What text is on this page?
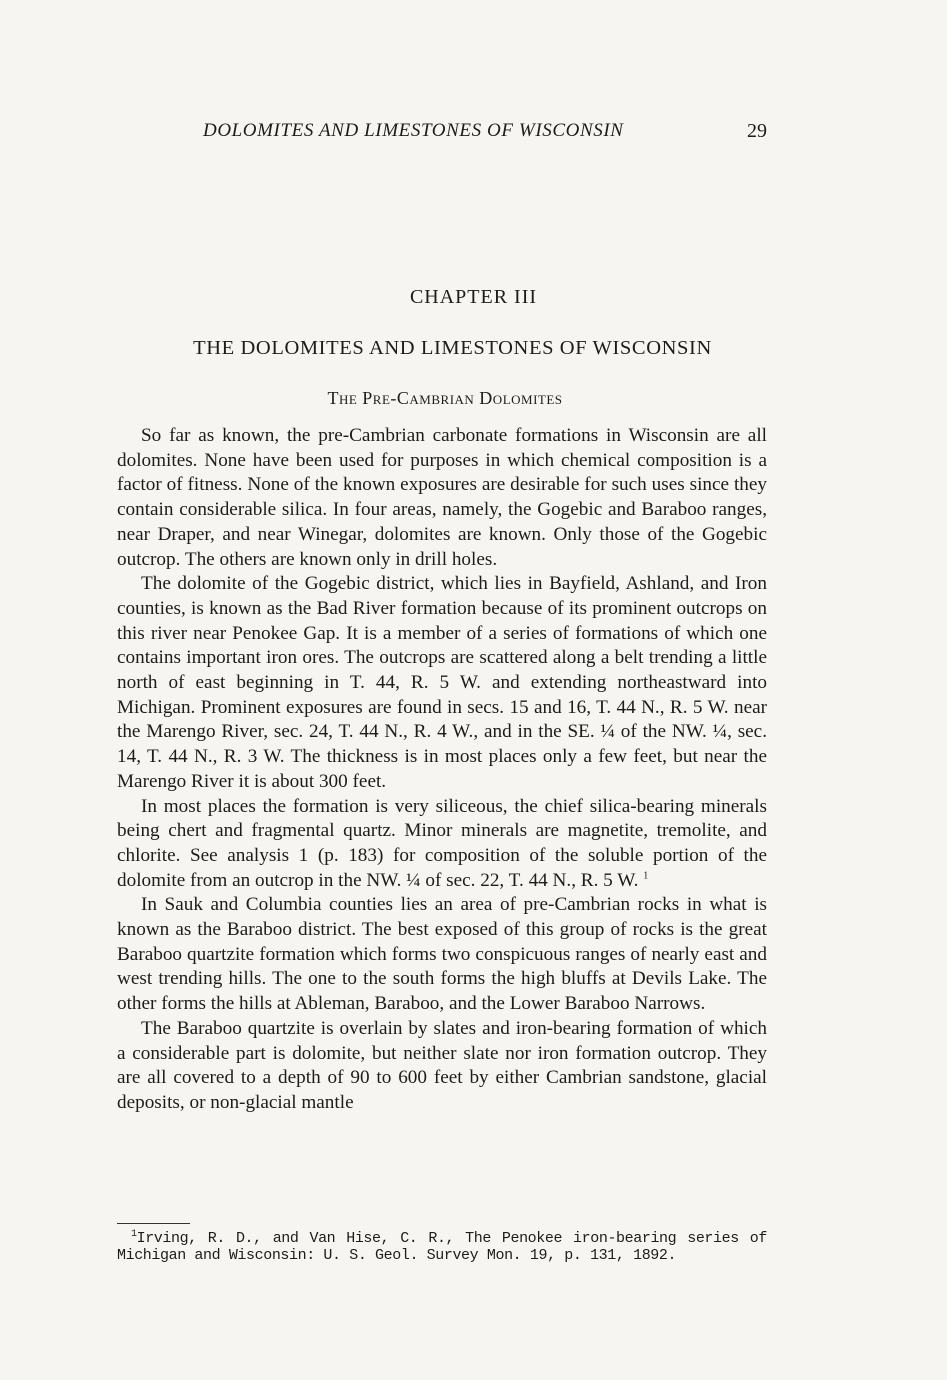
DOLOMITES AND LIMESTONES OF WISCONSIN	29
CHAPTER III
THE DOLOMITES AND LIMESTONES OF WISCONSIN
The Pre-Cambrian Dolomites

So far as known, the pre-Cambrian carbonate formations in Wisconsin are all dolomites. None have been used for purposes in which chemical composition is a factor of fitness. None of the known exposures are desirable for such uses since they contain considerable silica. In four areas, namely, the Gogebic and Baraboo ranges, near Draper, and near Winegar, dolomites are known. Only those of the Gogebic outcrop. The others are known only in drill holes.

The dolomite of the Gogebic district, which lies in Bayfield, Ashland, and Iron counties, is known as the Bad River formation because of its prominent outcrops on this river near Penokee Gap. It is a member of a series of formations of which one contains important iron ores. The outcrops are scattered along a belt trending a little north of east beginning in T. 44, R. 5 W. and extending northeastward into Michigan. Prominent exposures are found in secs. 15 and 16, T. 44 N., R. 5 W. near the Marengo River, sec. 24, T. 44 N., R. 4 W., and in the SE. ¼ of the NW. ¼, sec. 14, T. 44 N., R. 3 W. The thickness is in most places only a few feet, but near the Marengo River it is about 300 feet.

In most places the formation is very siliceous, the chief silica-bearing minerals being chert and fragmental quartz. Minor minerals are magnetite, tremolite, and chlorite. See analysis 1 (p. 183) for composition of the soluble portion of the dolomite from an outcrop in the NW. ¼ of sec. 22, T. 44 N., R. 5 W. $^1$

In Sauk and Columbia counties lies an area of pre-Cambrian rocks in what is known as the Baraboo district. The best exposed of this group of rocks is the great Baraboo quartzite formation which forms two conspicuous ranges of nearly east and west trending hills. The one to the south forms the high bluffs at Devils Lake. The other forms the hills at Ableman, Baraboo, and the Lower Baraboo Narrows.

The Baraboo quartzite is overlain by slates and iron-bearing formation of which a considerable part is dolomite, but neither slate nor iron formation outcrop. They are all covered to a depth of 90 to 600 feet by either Cambrian sandstone, glacial deposits, or non-glacial mantle

$^1$Irving, R. D., and Van Hise, C. R., The Penokee iron-bearing series of Michigan and Wisconsin: U. S. Geol. Survey Mon. 19, p. 131, 1892.
